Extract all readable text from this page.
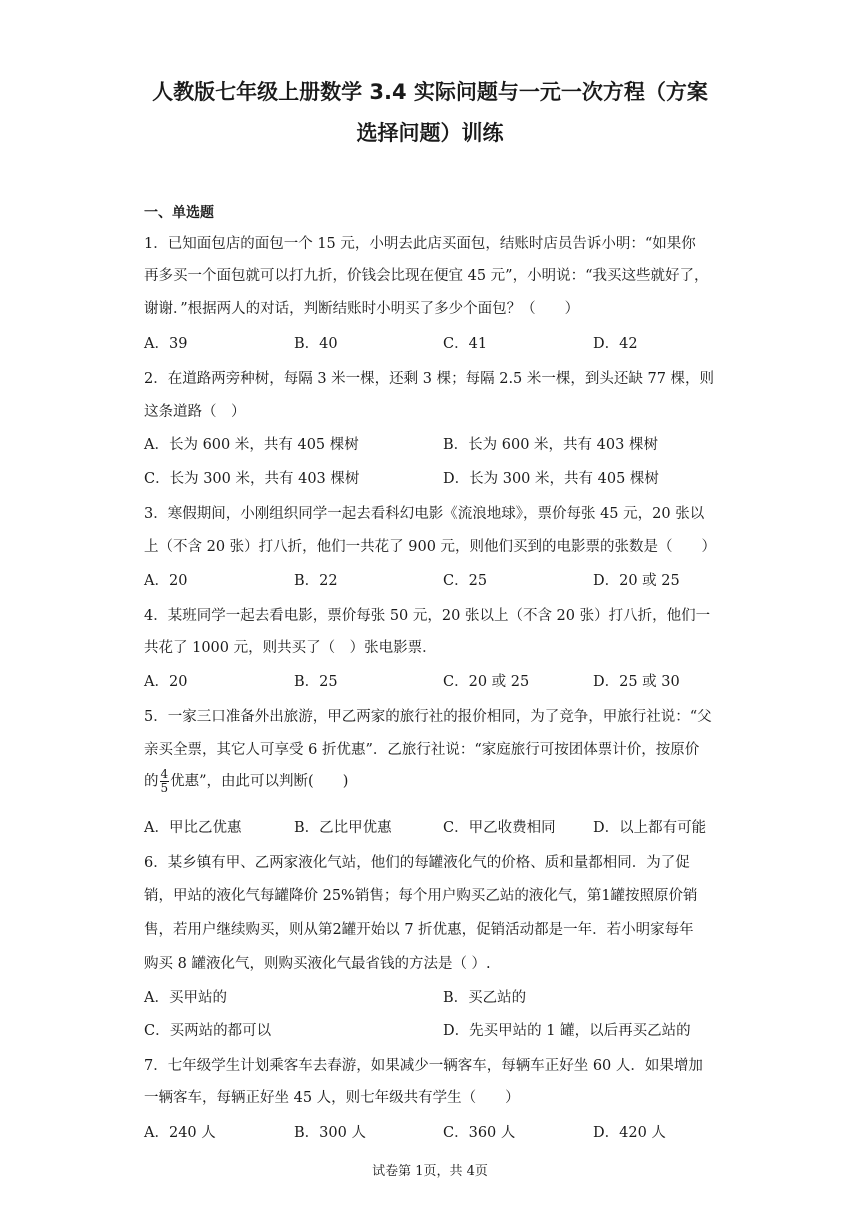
人教版七年级上册数学 3.4 实际问题与一元一次方程（方案
选择问题）训练
一、单选题
1．已知面包店的面包一个 15 元，小明去此店买面包，结账时店员告诉小明：“如果你
再多买一个面包就可以打九折，价钱会比现在便宜 45 元”，小明说：“我买这些就好了，
谢谢．”根据两人的对话，判断结账时小明买了多少个面包？（　　）
A．39	B．40	C．41	D．42
2．在道路两旁种树，每隔 3 米一棵，还剩 3 棵；每隔 2.5 米一棵，到头还缺 77 棵，则
这条道路（　）
A．长为 600 米，共有 405 棵树	B．长为 600 米，共有 403 棵树
C．长为 300 米，共有 403 棵树	D．长为 300 米，共有 405 棵树
3．寒假期间，小刚组织同学一起去看科幻电影《流浪地球》，票价每张 45 元，20 张以
上（不含 20 张）打八折，他们一共花了 900 元，则他们买到的电影票的张数是（　　）
A．20	B．22	C．25	D．20 或 25
4．某班同学一起去看电影，票价每张 50 元，20 张以上（不含 20 张）打八折，他们一
共花了 1000 元，则共买了（　）张电影票．
A．20	B．25	C．20 或 25	D．25 或 30
5．一家三口准备外出旅游，甲乙两家的旅行社的报价相同，为了竞争，甲旅行社说：“父
亲买全票，其它人可享受 6 折优惠”．乙旅行社说：“家庭旅行可按团体票计价，按原价
的 $\frac{4}{5}$ 优惠”，由此可以判断(　　)
A．甲比乙优惠	B．乙比甲优惠	C．甲乙收费相同	D．以上都有可能
6．某乡镇有甲、乙两家液化气站，他们的每罐液化气的价格、质和量都相同．为了促
销，甲站的液化气每罐降价 25%销售；每个用户购买乙站的液化气，第1罐按照原价销
售，若用户继续购买，则从第2罐开始以 7 折优惠，促销活动都是一年．若小明家每年
购买 8 罐液化气，则购买液化气最省钱的方法是（ ）.
A．买甲站的	B．买乙站的
C．买两站的都可以	D．先买甲站的 1 罐，以后再买乙站的
7．七年级学生计划乘客车去春游，如果减少一辆客车，每辆车正好坐 60 人．如果增加
一辆客车，每辆正好坐 45 人，则七年级共有学生（　　）
A．240 人	B．300 人	C．360 人	D．420 人
试卷第 1页，共 4页
